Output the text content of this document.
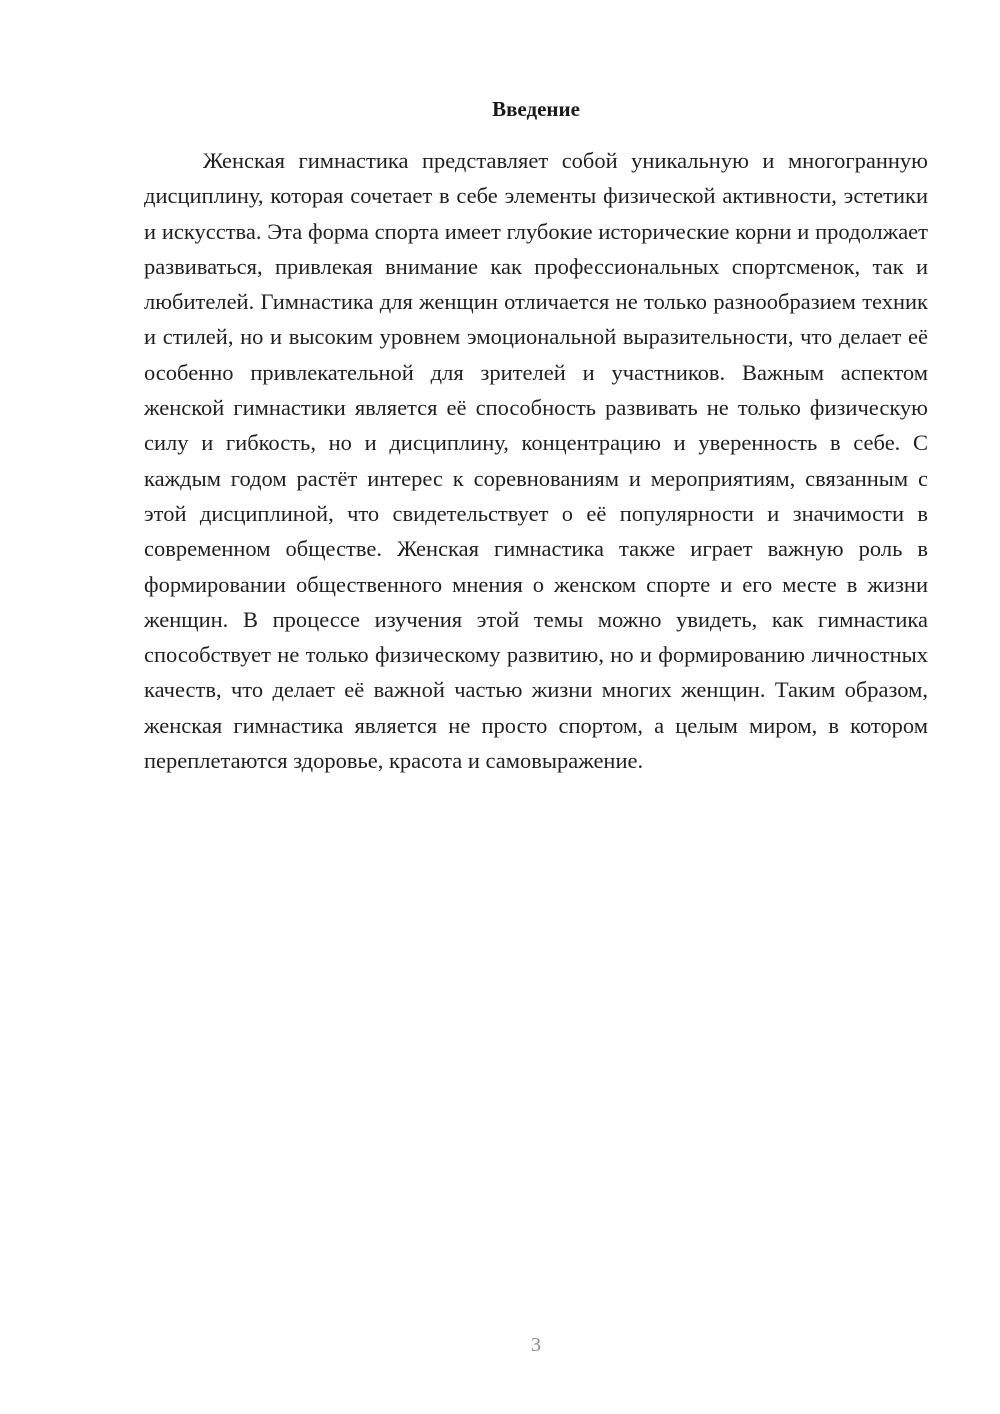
Введение

Женская гимнастика представляет собой уникальную и многогранную дисциплину, которая сочетает в себе элементы физической активности, эстетики и искусства. Эта форма спорта имеет глубокие исторические корни и продолжает развиваться, привлекая внимание как профессиональных спортсменок, так и любителей. Гимнастика для женщин отличается не только разнообразием техник и стилей, но и высоким уровнем эмоциональной выразительности, что делает её особенно привлекательной для зрителей и участников. Важным аспектом женской гимнастики является её способность развивать не только физическую силу и гибкость, но и дисциплину, концентрацию и уверенность в себе. С каждым годом растёт интерес к соревнованиям и мероприятиям, связанным с этой дисциплиной, что свидетельствует о её популярности и значимости в современном обществе. Женская гимнастика также играет важную роль в формировании общественного мнения о женском спорте и его месте в жизни женщин. В процессе изучения этой темы можно увидеть, как гимнастика способствует не только физическому развитию, но и формированию личностных качеств, что делает её важной частью жизни многих женщин. Таким образом, женская гимнастика является не просто спортом, а целым миром, в котором переплетаются здоровье, красота и самовыражение.

3
